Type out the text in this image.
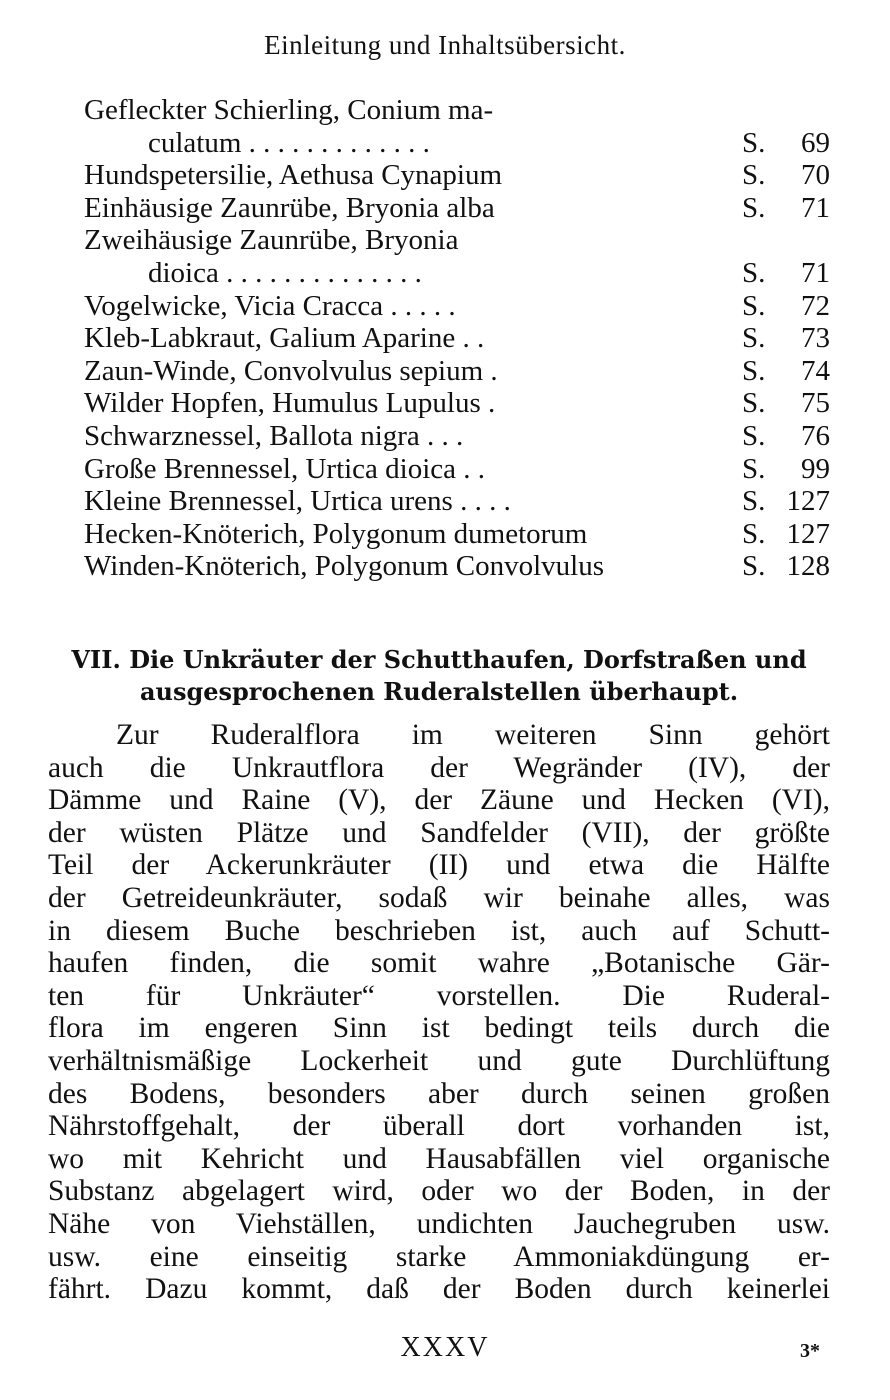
Einleitung und Inhaltsübersicht.
Gefleckter Schierling, Conium ma-
culatum . . . . . . . . . . . . .	S. 69
Hundspetersilie, Aethusa Cynapium	S. 70
Einhäusige Zaunrübe, Bryonia alba	S. 71
Zweihäusige Zaunrübe, Bryonia
dioica . . . . . . . . . . . . . .	S. 71
Vogelwicke, Vicia Cracca . . . . .	S. 72
Kleb-Labkraut, Galium Aparine . .	S. 73
Zaun-Winde, Convolvulus sepium .	S. 74
Wilder Hopfen, Humulus Lupulus .	S. 75
Schwarznessel, Ballota nigra . . .	S. 76
Große Brennessel, Urtica dioica . .	S. 99
Kleine Brennessel, Urtica urens . . . .	S. 127
Hecken-Knöterich, Polygonum dumetorum	S. 127
Winden-Knöterich, Polygonum Convolvulus	S. 128
VII. Die Unkräuter der Schutthaufen, Dorfstraßen und
ausgesprochenen Ruderalstellen überhaupt.
Zur Ruderalflora im weiteren Sinn gehört
auch die Unkrautflora der Wegränder (IV), der
Dämme und Raine (V), der Zäune und Hecken (VI),
der wüsten Plätze und Sandfelder (VII), der größte
Teil der Ackerunkräuter (II) und etwa die Hälfte
der Getreideunkräuter, sodaß wir beinahe alles, was
in diesem Buche beschrieben ist, auch auf Schutt-
haufen finden, die somit wahre „Botanische Gär-
ten für Unkräuter“ vorstellen. Die Ruderal-
flora im engeren Sinn ist bedingt teils durch die
verhältnismäßige Lockerheit und gute Durchlüftung
des Bodens, besonders aber durch seinen großen
Nährstoffgehalt, der überall dort vorhanden ist,
wo mit Kehricht und Hausabfällen viel organische
Substanz abgelagert wird, oder wo der Boden, in der
Nähe von Viehställen, undichten Jauchegruben usw.
usw. eine einseitig starke Ammoniakdüngung er-
fährt. Dazu kommt, daß der Boden durch keinerlei
XXXV	3*
